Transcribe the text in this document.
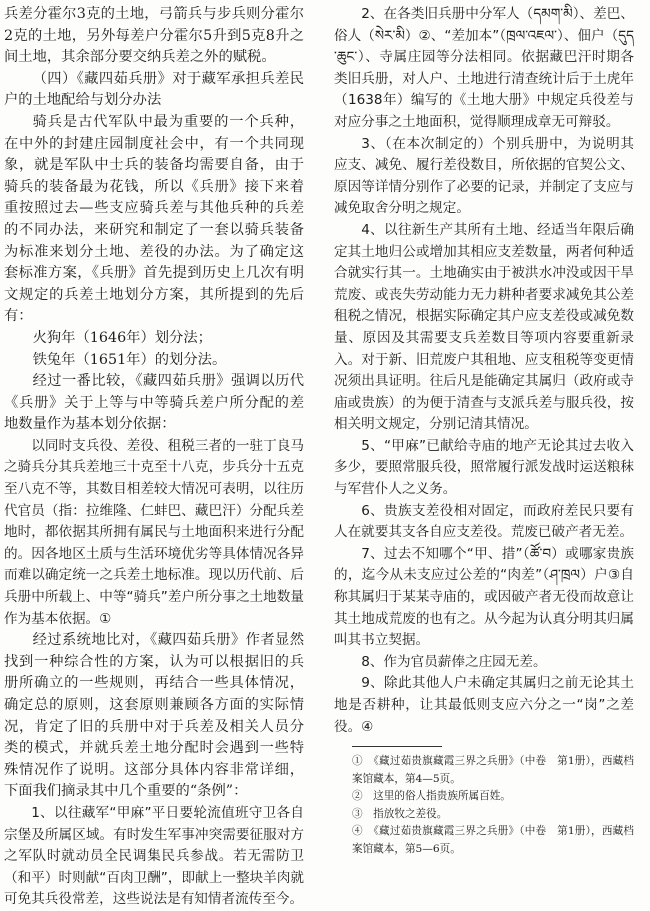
兵差分霍尔3克的土地，弓箭兵与步兵则分霍尔2克的土地，另外每差户分霍尔5升到5克8升之间土地，其余部分要交纳兵差之外的赋税。

（四）《藏四茹兵册》对于藏军承担兵差民户的土地配给与划分办法

骑兵是古代军队中最为重要的一个兵种，在中外的封建庄园制度社会中，有一个共同现象，就是军队中士兵的装备均需要自备，由于骑兵的装备最为花钱，所以《兵册》接下来着重按照过去—些支应骑兵差与其他兵种的兵差的不同办法，来研究和制定了一套以骑兵装备为标准来划分土地、差役的办法。为了确定这套标准方案，《兵册》首先提到历史上几次有明文规定的兵差土地划分方案，其所提到的先后有：

火狗年（1646年）划分法；

铁兔年（1651年）的划分法。

经过一番比较，《藏四茹兵册》强调以历代《兵册》关于上等与中等骑兵差户所分配的差地数量作为基本划分依据：

以同时支兵役、差役、租税三者的一驻丁良马之骑兵分其兵差地三十克至十八克，步兵分十五克至八克不等，其数目相差较大情况可表明，以往历代官员（指：拉维隆、仁蚌巴、藏巴汗）分配兵差地时，都依据其所拥有属民与土地面积来进行分配的。因各地区土质与生活环境优劣等具体情况各异而难以确定统一之兵差土地标准。现以历代前、后兵册中所载上、中等“骑兵”差户所分事之土地数量作为基本依据。①

经过系统地比对，《藏四茹兵册》作者显然找到一种综合性的方案，认为可以根据旧的兵册所确立的一些规则，再结合一些具体情况，确定总的原则，这套原则兼顾各方面的实际情况，肯定了旧的兵册中对于兵差及相关人员分类的模式，并就兵差土地分配时会遇到一些特殊情况作了说明。这部分具体内容非常详细，下面我们摘录其中几个重要的“条例”：

1、以往藏军“甲麻”平日要轮流值班守卫各自宗堡及所属区域。有时发生军事冲突需要征服对方之军队时就动员全民调集民兵参战。若无需防卫（和平）时则献“百肉卫酬”，即献上一整块羊肉就可免其兵役常差，这些说法是有知情者流传至今。

2、在各类旧兵册中分军人（དམག་མི）、差巴、俗人（སེར་མི）②、“差加本”（ཁྲལ་འཇལ་）、佃户（དུད་ཆུང་）、寺属庄园等分法相同。依据藏巴汗时期各类旧兵册，对人户、土地进行清查统计后于土虎年（1638年）编写的《土地大册》中规定兵役差与对应分事之土地面积，觉得顺理成章无可辩驳。

3、（在本次制定的）个别兵册中，为说明其应支、减免、履行差役数目，所依据的官契公文、原因等详情分别作了必要的记录，并制定了支应与减免取舍分明之规定。

4、以往新生产其所有土地、经适当年限后确定其土地归公或增加其相应支差数量，两者何种适合就实行其一。土地确实由于被洪水冲没或因干旱荒废、或丧失劳动能力无力耕种者要求减免其公差租税之情况，根据实际确定其户应支差役或减免数量、原因及其需要支兵差数目等项内容要重新录入。对于新、旧荒废户其租地、应支租税等变更情况须出具证明。往后凡是能确定其属归（政府或寺庙或贵族）的为便于清查与支派兵差与服兵役，按相关明文规定，分别记清其情况。

5、“甲麻”已献给寺庙的地产无论其过去收入多少，要照常服兵役，照常履行派发战时运送粮秣与军营仆人之义务。

6、贵族支差役相对固定，而政府差民只要有人在就要其支各自应支差役。荒废已破产者无差。

7、过去不知哪个“甲、措”（ཚོ་བ）或哪家贵族的，迄今从未支应过公差的“肉差”（ཤ་ཁྲལ）户③自称其属归于某某寺庙的，或因破产者无役而故意让其土地成荒废的也有之。从今起为认真分明其归属叫其书立契据。

8、作为官员薪俸之庄园无差。

9、除此其他人户未确定其属归之前无论其土地是否耕种，让其最低则支应六分之一“岗”之差役。④

①　《藏过茹贵旗藏霞三界之兵册》（中卷　第1册），西藏档案馆藏本，第4—5页。

②　这里的俗人指贵族所属百姓。

③　指放牧之差役。

④　《藏过茹贵旗藏霞三界之兵册》（中卷　第1册），西藏档案馆藏本，第5—6页。
